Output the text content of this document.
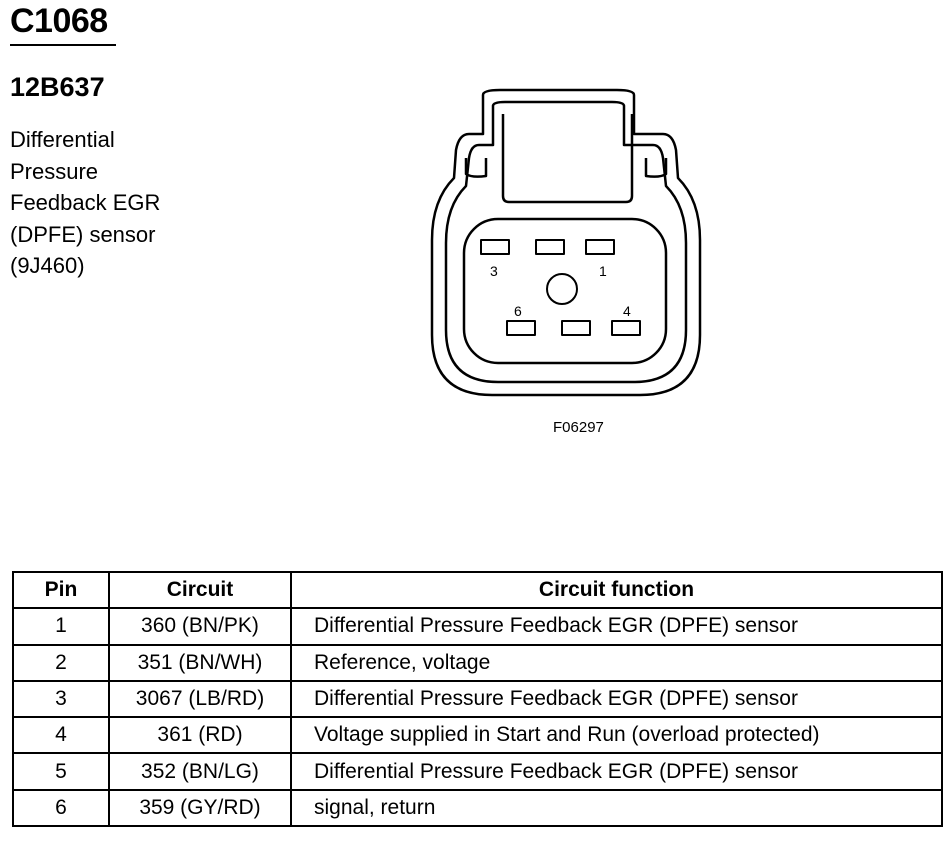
C1068
12B637
Differential
Pressure
Feedback EGR
(DPFE) sensor
(9J460)	3	1
6	4
F06297
Pin	Circuit	Circuit function
1	360 (BN/PK)	Differential Pressure Feedback EGR (DPFE) sensor
2	351 (BN/WH)	Reference, voltage
3	3067 (LB/RD)	Differential Pressure Feedback EGR (DPFE) sensor
4	361 (RD)	Voltage supplied in Start and Run (overload protected)
5	352 (BN/LG)	Differential Pressure Feedback EGR (DPFE) sensor
6	359 (GY/RD)	signal, return
